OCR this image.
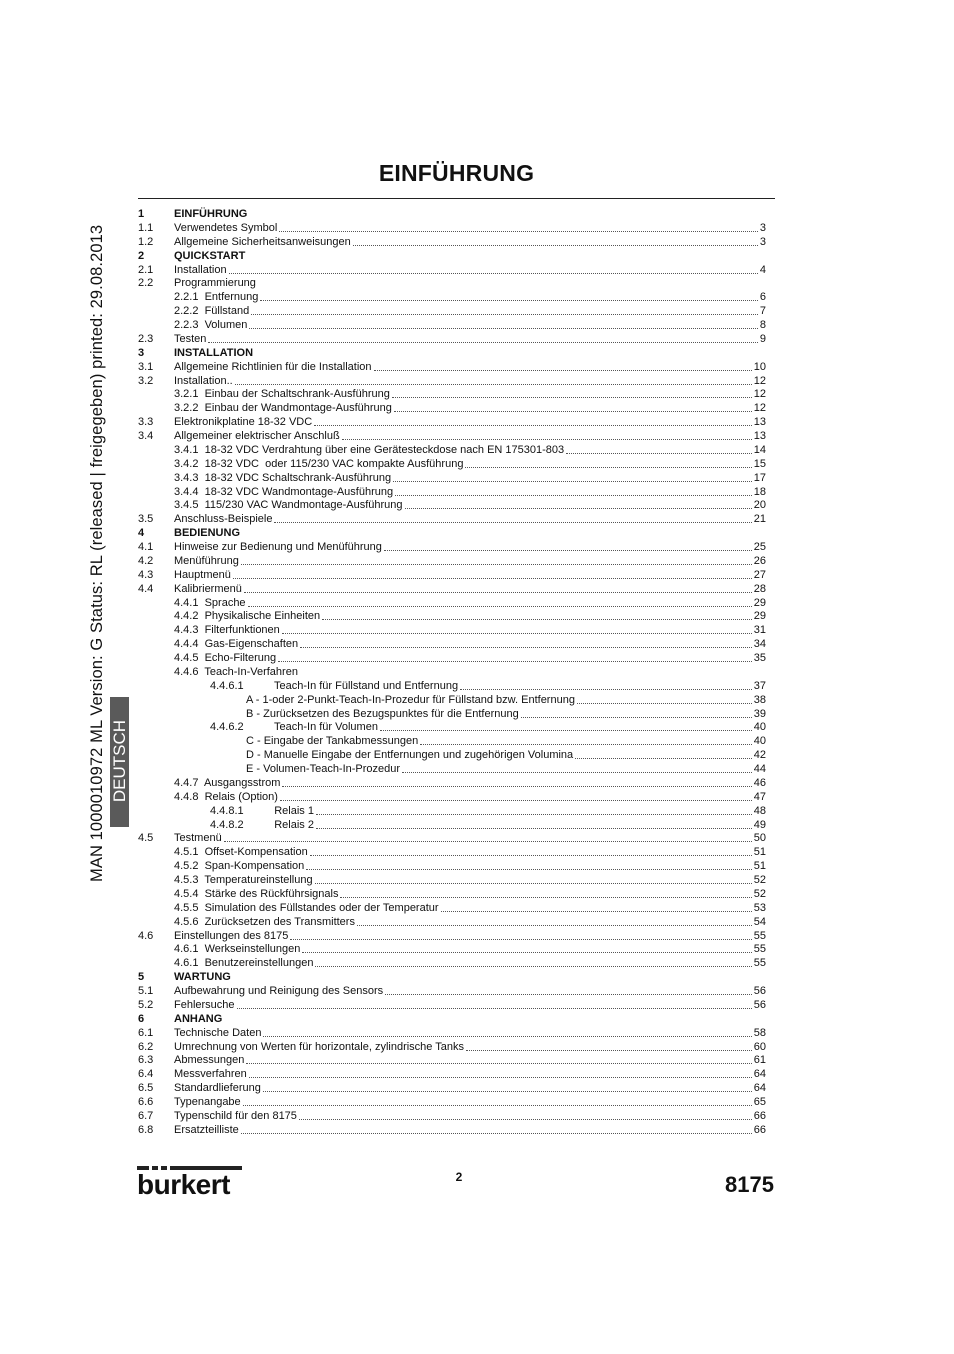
EINFÜHRUNG
MAN 1000010972 ML Version: G Status: RL (released | freigegeben) printed: 29.08.2013 DEUTSCH
1	EINFÜHRUNG
1.1 Verwendetes Symbol	3
1.2 Allgemeine Sicherheitsanweisungen	3
2	QUICKSTART
2.1 Installation	4
2.2 Programmierung
2.2.1  Entfernung	6
2.2.2  Füllstand	7
2.2.3  Volumen	8
2.3 Testen	9
3	INSTALLATION
3.1 Allgemeine Richtlinien für die Installation	10
3.2 Installation..	12
3.2.1  Einbau der Schaltschrank-Ausführung	12
3.2.2  Einbau der Wandmontage-Ausführung	12
3.3 Elektronikplatine 18-32 VDC	13
3.4 Allgemeiner elektrischer Anschluß	13
3.4.1  18-32 VDC Verdrahtung über eine Gerätesteckdose nach EN 175301-803	14
3.4.2  18-32 VDC  oder 115/230 VAC kompakte Ausführung	15
3.4.3  18-32 VDC Schaltschrank-Ausführung	17
3.4.4  18-32 VDC Wandmontage-Ausführung	18
3.4.5  115/230 VAC Wandmontage-Ausführung	20
3.5 Anschluss-Beispiele	21
4	BEDIENUNG
4.1 Hinweise zur Bedienung und Menüführung	25
4.2 Menüführung	26
4.3 Hauptmenü	27
4.4 Kalibriermenü	28
4.4.1  Sprache	29
4.4.2  Physikalische Einheiten	29
4.4.3  Filterfunktionen	31
4.4.4  Gas-Eigenschaften	34
4.4.5  Echo-Filterung	35
4.4.6  Teach-In-Verfahren
4.4.6.1          Teach-In für Füllstand und Entfernung	37
A - 1-oder 2-Punkt-Teach-In-Prozedur für Füllstand bzw. Entfernung	38
B - Zurücksetzen des Bezugspunktes für die Entfernung	39
4.4.6.2          Teach-In für Volumen	40
C - Eingabe der Tankabmessungen	40
D - Manuelle Eingabe der Entfernungen und zugehörigen Volumina	42
E - Volumen-Teach-In-Prozedur	44
4.4.7  Ausgangsstrom	46
4.4.8  Relais (Option)	47
4.4.8.1          Relais 1	48
4.4.8.2          Relais 2	49
4.5 Testmenü	50
4.5.1  Offset-Kompensation	51
4.5.2  Span-Kompensation	51
4.5.3  Temperatureinstellung	52
4.5.4  Stärke des Rückführsignals	52
4.5.5  Simulation des Füllstandes oder der Temperatur	53
4.5.6  Zurücksetzen des Transmitters	54
4.6 Einstellungen des 8175	55
4.6.1  Werkseinstellungen	55
4.6.1  Benutzereinstellungen	55
5	WARTUNG
5.1 Aufbewahrung und Reinigung des Sensors	56
5.2 Fehlersuche	56
6	ANHANG
6.1 Technische Daten	58
6.2 Umrechnung von Werten für horizontale, zylindrische Tanks	60
6.3 Abmessungen	61
6.4 Messverfahren	64
6.5 Standardlieferung	64
6.6 Typenangabe	65
6.7 Typenschild für den 8175	66
6.8 Ersatzteilliste	66
burkert	2	8175
